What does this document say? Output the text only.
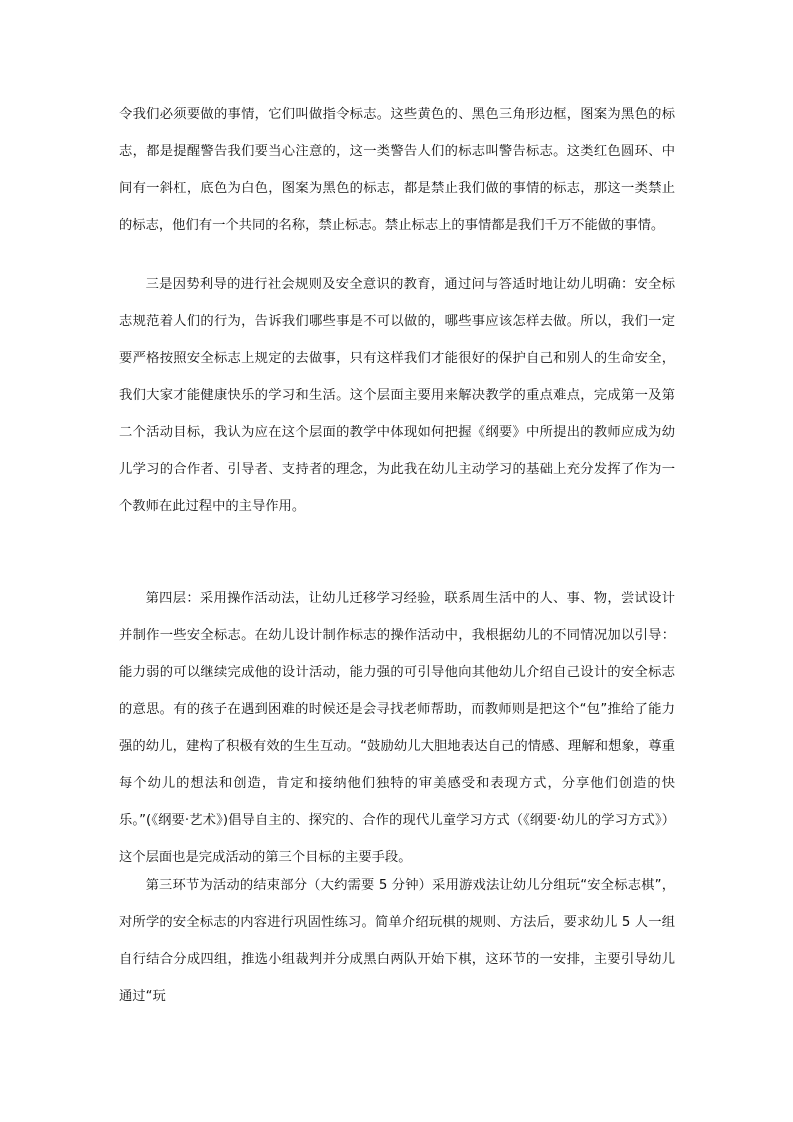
令我们必须要做的事情，它们叫做指令标志。这些黄色的、黑色三角形边框，图案为黑色的标志，都是提醒警告我们要当心注意的，这一类警告人们的标志叫警告标志。这类红色圆环、中间有一斜杠，底色为白色，图案为黑色的标志，都是禁止我们做的事情的标志，那这一类禁止的标志，他们有一个共同的名称，禁止标志。禁止标志上的事情都是我们千万不能做的事情。

三是因势利导的进行社会规则及安全意识的教育，通过问与答适时地让幼儿明确：安全标志规范着人们的行为，告诉我们哪些事是不可以做的，哪些事应该怎样去做。所以，我们一定要严格按照安全标志上规定的去做事，只有这样我们才能很好的保护自己和别人的生命安全，我们大家才能健康快乐的学习和生活。这个层面主要用来解决教学的重点难点，完成第一及第二个活动目标，我认为应在这个层面的教学中体现如何把握《纲要》中所提出的教师应成为幼儿学习的合作者、引导者、支持者的理念，为此我在幼儿主动学习的基础上充分发挥了作为一个教师在此过程中的主导作用。

第四层：采用操作活动法，让幼儿迁移学习经验，联系周生活中的人、事、物，尝试设计并制作一些安全标志。在幼儿设计制作标志的操作活动中，我根据幼儿的不同情况加以引导：能力弱的可以继续完成他的设计活动，能力强的可引导他向其他幼儿介绍自己设计的安全标志的意思。有的孩子在遇到困难的时候还是会寻找老师帮助，而教师则是把这个“包”推给了能力强的幼儿，建构了积极有效的生生互动。“鼓励幼儿大胆地表达自己的情感、理解和想象，尊重每个幼儿的想法和创造，肯定和接纳他们独特的审美感受和表现方式，分享他们创造的快乐。”(《纲要·艺术》)倡导自主的、探究的、合作的现代儿童学习方式（《纲要·幼儿的学习方式》）这个层面也是完成活动的第三个目标的主要手段。

第三环节为活动的结束部分（大约需要 5 分钟）采用游戏法让幼儿分组玩“安全标志棋”，对所学的安全标志的内容进行巩固性练习。简单介绍玩棋的规则、方法后，要求幼儿 5 人一组自行结合分成四组，推选小组裁判并分成黑白两队开始下棋，这环节的一安排，主要引导幼儿通过“玩
